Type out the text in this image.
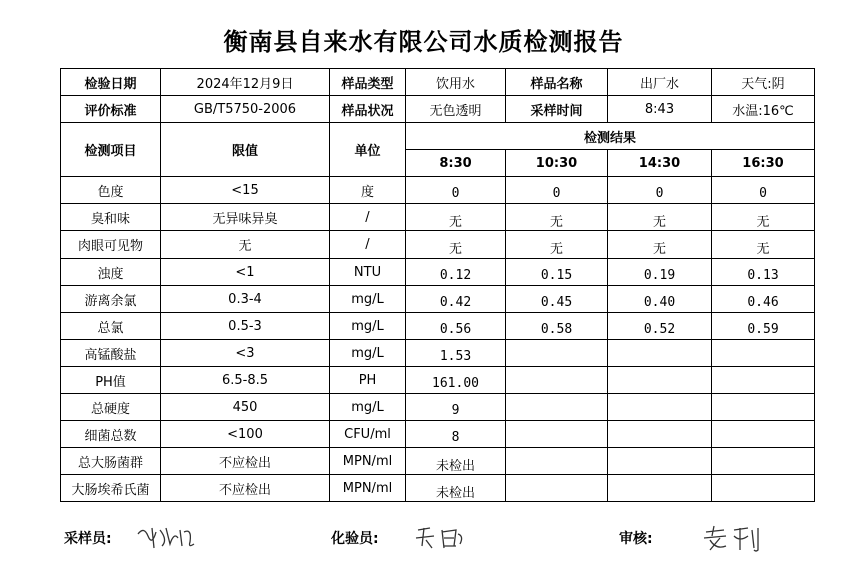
衡南县自来水有限公司水质检测报告
检验日期	2024年12月9日	样品类型	饮用水	样品名称	出厂水	天气:阴
评价标准	GB/T5750-2006	样品状况	无色透明	采样时间	8:43	水温:16℃
检测项目	限值	单位	检测结果			
			8:30	10:30	14:30	16:30
色度	<15	度	0	0	0	0
臭和味	无异味异臭	/	无	无	无	无
肉眼可见物	无	/	无	无	无	无
浊度	<1	NTU	0.12	0.15	0.19	0.13
游离余氯	0.3-4	mg/L	0.42	0.45	0.40	0.46
总氯	0.5-3	mg/L	0.56	0.58	0.52	0.59
高锰酸盐	<3	mg/L	1.53			
PH值	6.5-8.5	PH	161.00			
总硬度	450	mg/L	9			
细菌总数	<100	CFU/ml	8			
总大肠菌群	不应检出	MPN/ml	未检出			
大肠埃希氏菌	不应检出	MPN/ml	未检出			
采样员:	化验员:	审核:
